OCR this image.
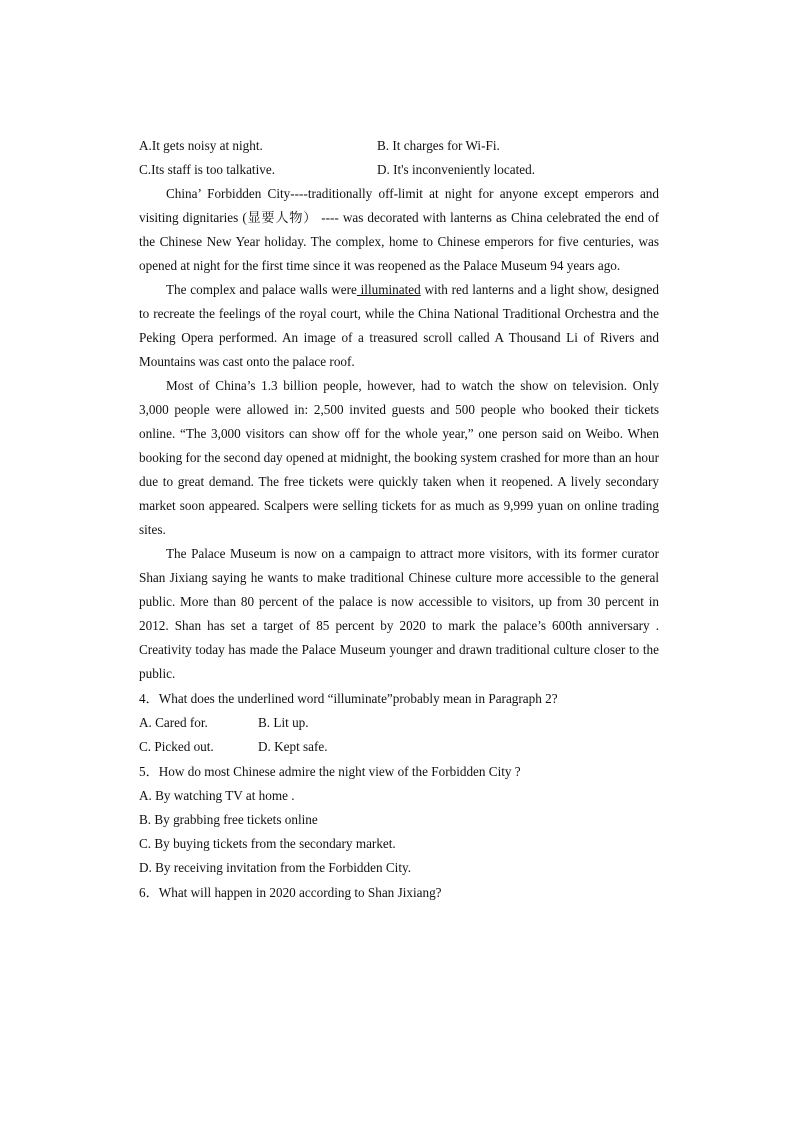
A.It gets noisy at night.	B. It charges for Wi-Fi.
C.Its staff is too talkative.	D. It's inconveniently located.

China’ Forbidden City----traditionally off-limit at night for anyone except emperors and visiting dignitaries (显要人物） ---- was decorated with lanterns as China celebrated the end of the Chinese New Year holiday. The complex, home to Chinese emperors for five centuries, was opened at night for the first time since it was reopened as the Palace Museum 94 years ago.

The complex and palace walls were illuminated with red lanterns and a light show, designed to recreate the feelings of the royal court, while the China National Traditional Orchestra and the Peking Opera performed. An image of a treasured scroll called A Thousand Li of Rivers and Mountains was cast onto the palace roof.

Most of China’s 1.3 billion people, however, had to watch the show on television. Only 3,000 people were allowed in: 2,500 invited guests and 500 people who booked their tickets online. “The 3,000 visitors can show off for the whole year,” one person said on Weibo. When booking for the second day opened at midnight, the booking system crashed for more than an hour due to great demand. The free tickets were quickly taken when it reopened. A lively secondary market soon appeared. Scalpers were selling tickets for as much as 9,999 yuan on online trading sites.

The Palace Museum is now on a campaign to attract more visitors, with its former curator Shan Jixiang saying he wants to make traditional Chinese culture more accessible to the general public. More than 80 percent of the palace is now accessible to visitors, up from 30 percent in 2012. Shan has set a target of 85 percent by 2020 to mark the palace’s 600th anniversary . Creativity today has made the Palace Museum younger and drawn traditional culture closer to the public.

4．What does the underlined word “illuminate”probably mean in Paragraph 2?

A. Cared for.	B. Lit up.
C. Picked out.	D. Kept safe.

5．How do most Chinese admire the night view of the Forbidden City ?

A. By watching TV at home .

B. By grabbing free tickets online

C. By buying tickets from the secondary market.

D. By receiving invitation from the Forbidden City.

6．What will happen in 2020 according to Shan Jixiang?
